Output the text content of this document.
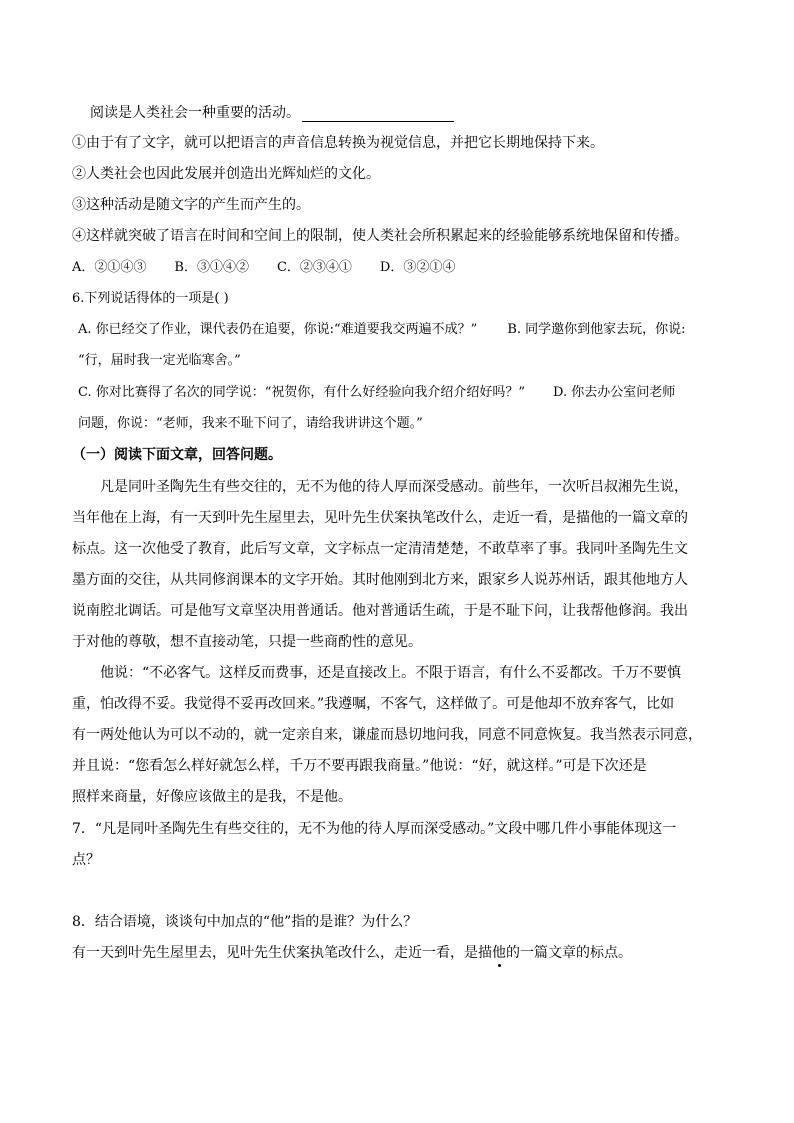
阅读是人类社会一种重要的活动。
①由于有了文字，就可以把语言的声音信息转换为视觉信息，并把它长期地保持下来。
②人类社会也因此发展并创造出光辉灿烂的文化。
③这种活动是随文字的产生而产生的。
④这样就突破了语言在时间和空间上的限制，使人类社会所积累起来的经验能够系统地保留和传播。
A．②①④③ B．③①④② C．②③④① D．③②①④
6.下列说话得体的一项是( )
A. 你已经交了作业，课代表仍在追要，你说:“难道要我交两遍不成？” B. 同学邀你到他家去玩，你说:
“行，届时我一定光临寒舍。”
C. 你对比赛得了名次的同学说：“祝贺你，有什么好经验向我介绍介绍好吗？” D. 你去办公室问老师
问题，你说：“老师，我来不耻下问了，请给我讲讲这个题。”
（一）阅读下面文章，回答问题。
凡是同叶圣陶先生有些交往的，无不为他的待人厚而深受感动。前些年，一次听吕叔湘先生说，
当年他在上海，有一天到叶先生屋里去，见叶先生伏案执笔改什么，走近一看，是描他的一篇文章的
标点。这一次他受了教育，此后写文章，文字标点一定清清楚楚，不敢草率了事。我同叶圣陶先生文
墨方面的交往，从共同修润课本的文字开始。其时他刚到北方来，跟家乡人说苏州话，跟其他地方人
说南腔北调话。可是他写文章坚决用普通话。他对普通话生疏，于是不耻下问，让我帮他修润。我出
于对他的尊敬，想不直接动笔，只提一些商酌性的意见。
他说：“不必客气。这样反而费事，还是直接改上。不限于语言，有什么不妥都改。千万不要慎
重，怕改得不妥。我觉得不妥再改回来。”我遵嘱，不客气，这样做了。可是他却不放弃客气，比如
有一两处他认为可以不动的，就一定亲自来，谦虚而恳切地问我，同意不同意恢复。我当然表示同意，
并且说：“您看怎么样好就怎么样，千万不要再跟我商量。”他说：“好，就这样。”可是下次还是
照样来商量，好像应该做主的是我，不是他。
7．“凡是同叶圣陶先生有些交往的，无不为他的待人厚而深受感动。”文段中哪几件小事能体现这一
点？
8．结合语境，谈谈句中加点的“他”指的是谁？为什么？
有一天到叶先生屋里去，见叶先生伏案执笔改什么，走近一看，是描他的一篇文章的标点。
